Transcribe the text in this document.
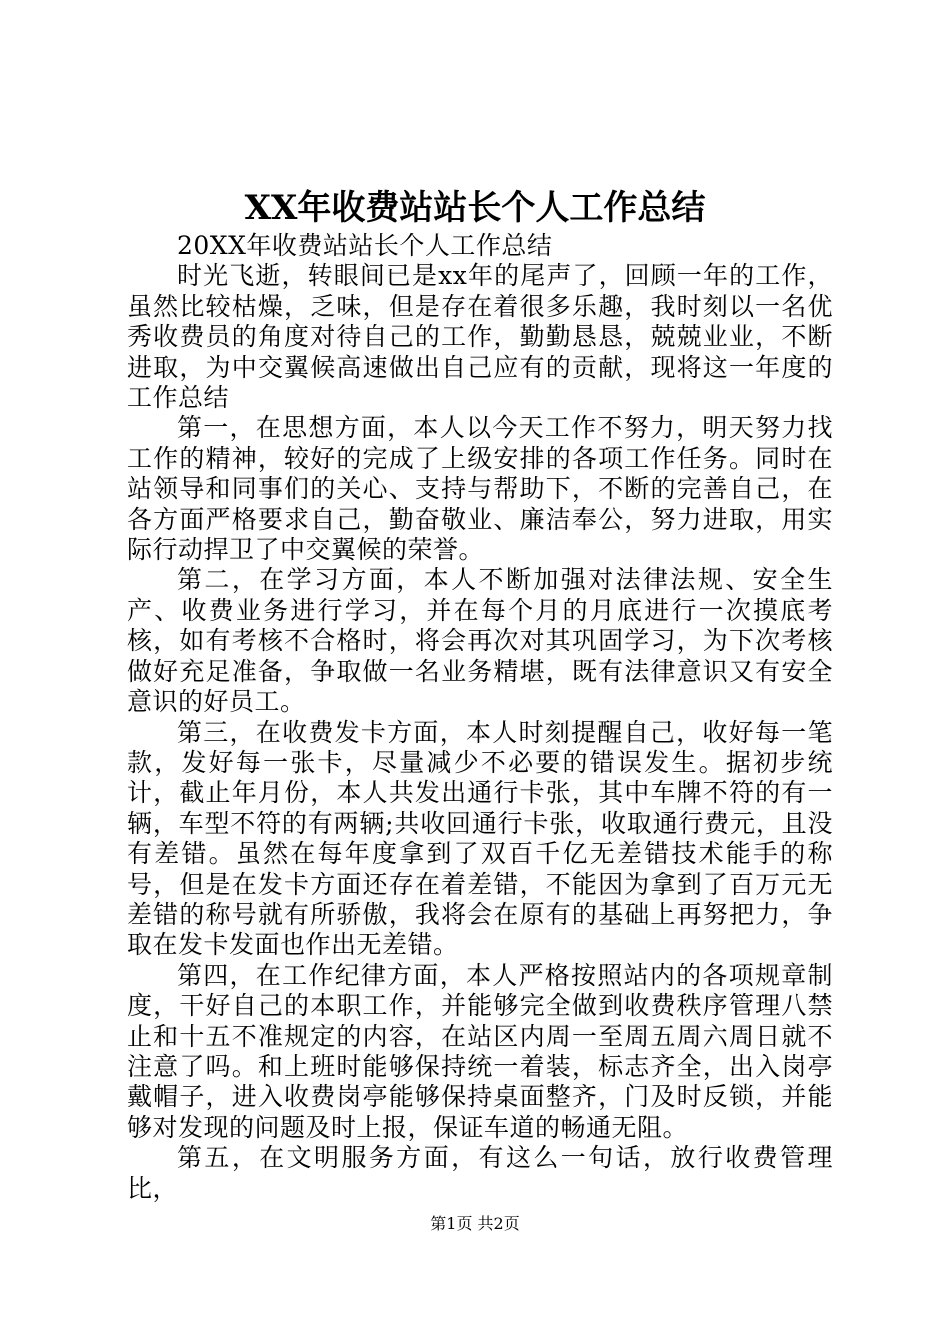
XX年收费站站长个人工作总结

20XX年收费站站长个人工作总结

时光飞逝，转眼间已是xx年的尾声了，回顾一年的工作，虽然比较枯燥，乏味，但是存在着很多乐趣，我时刻以一名优秀收费员的角度对待自己的工作，勤勤恳恳，兢兢业业，不断进取，为中交翼候高速做出自己应有的贡献，现将这一年度的工作总结

第一，在思想方面，本人以今天工作不努力，明天努力找工作的精神，较好的完成了上级安排的各项工作任务。同时在站领导和同事们的关心、支持与帮助下，不断的完善自己，在各方面严格要求自己，勤奋敬业、廉洁奉公，努力进取，用实际行动捍卫了中交翼候的荣誉。

第二，在学习方面，本人不断加强对法律法规、安全生产、收费业务进行学习，并在每个月的月底进行一次摸底考核，如有考核不合格时，将会再次对其巩固学习，为下次考核做好充足准备，争取做一名业务精堪，既有法律意识又有安全意识的好员工。

第三，在收费发卡方面，本人时刻提醒自己，收好每一笔款，发好每一张卡，尽量减少不必要的错误发生。据初步统计，截止年月份，本人共发出通行卡张，其中车牌不符的有一辆，车型不符的有两辆;共收回通行卡张，收取通行费元，且没有差错。虽然在每年度拿到了双百千亿无差错技术能手的称号，但是在发卡方面还存在着差错，不能因为拿到了百万元无差错的称号就有所骄傲，我将会在原有的基础上再努把力，争取在发卡发面也作出无差错。

第四，在工作纪律方面，本人严格按照站内的各项规章制度，干好自己的本职工作，并能够完全做到收费秩序管理八禁止和十五不准规定的内容，在站区内周一至周五周六周日就不注意了吗。和上班时能够保持统一着装，标志齐全，出入岗亭戴帽子，进入收费岗亭能够保持桌面整齐，门及时反锁，并能够对发现的问题及时上报，保证车道的畅通无阻。

第五，在文明服务方面，有这么一句话，放行收费管理比，

第1页 共2页
